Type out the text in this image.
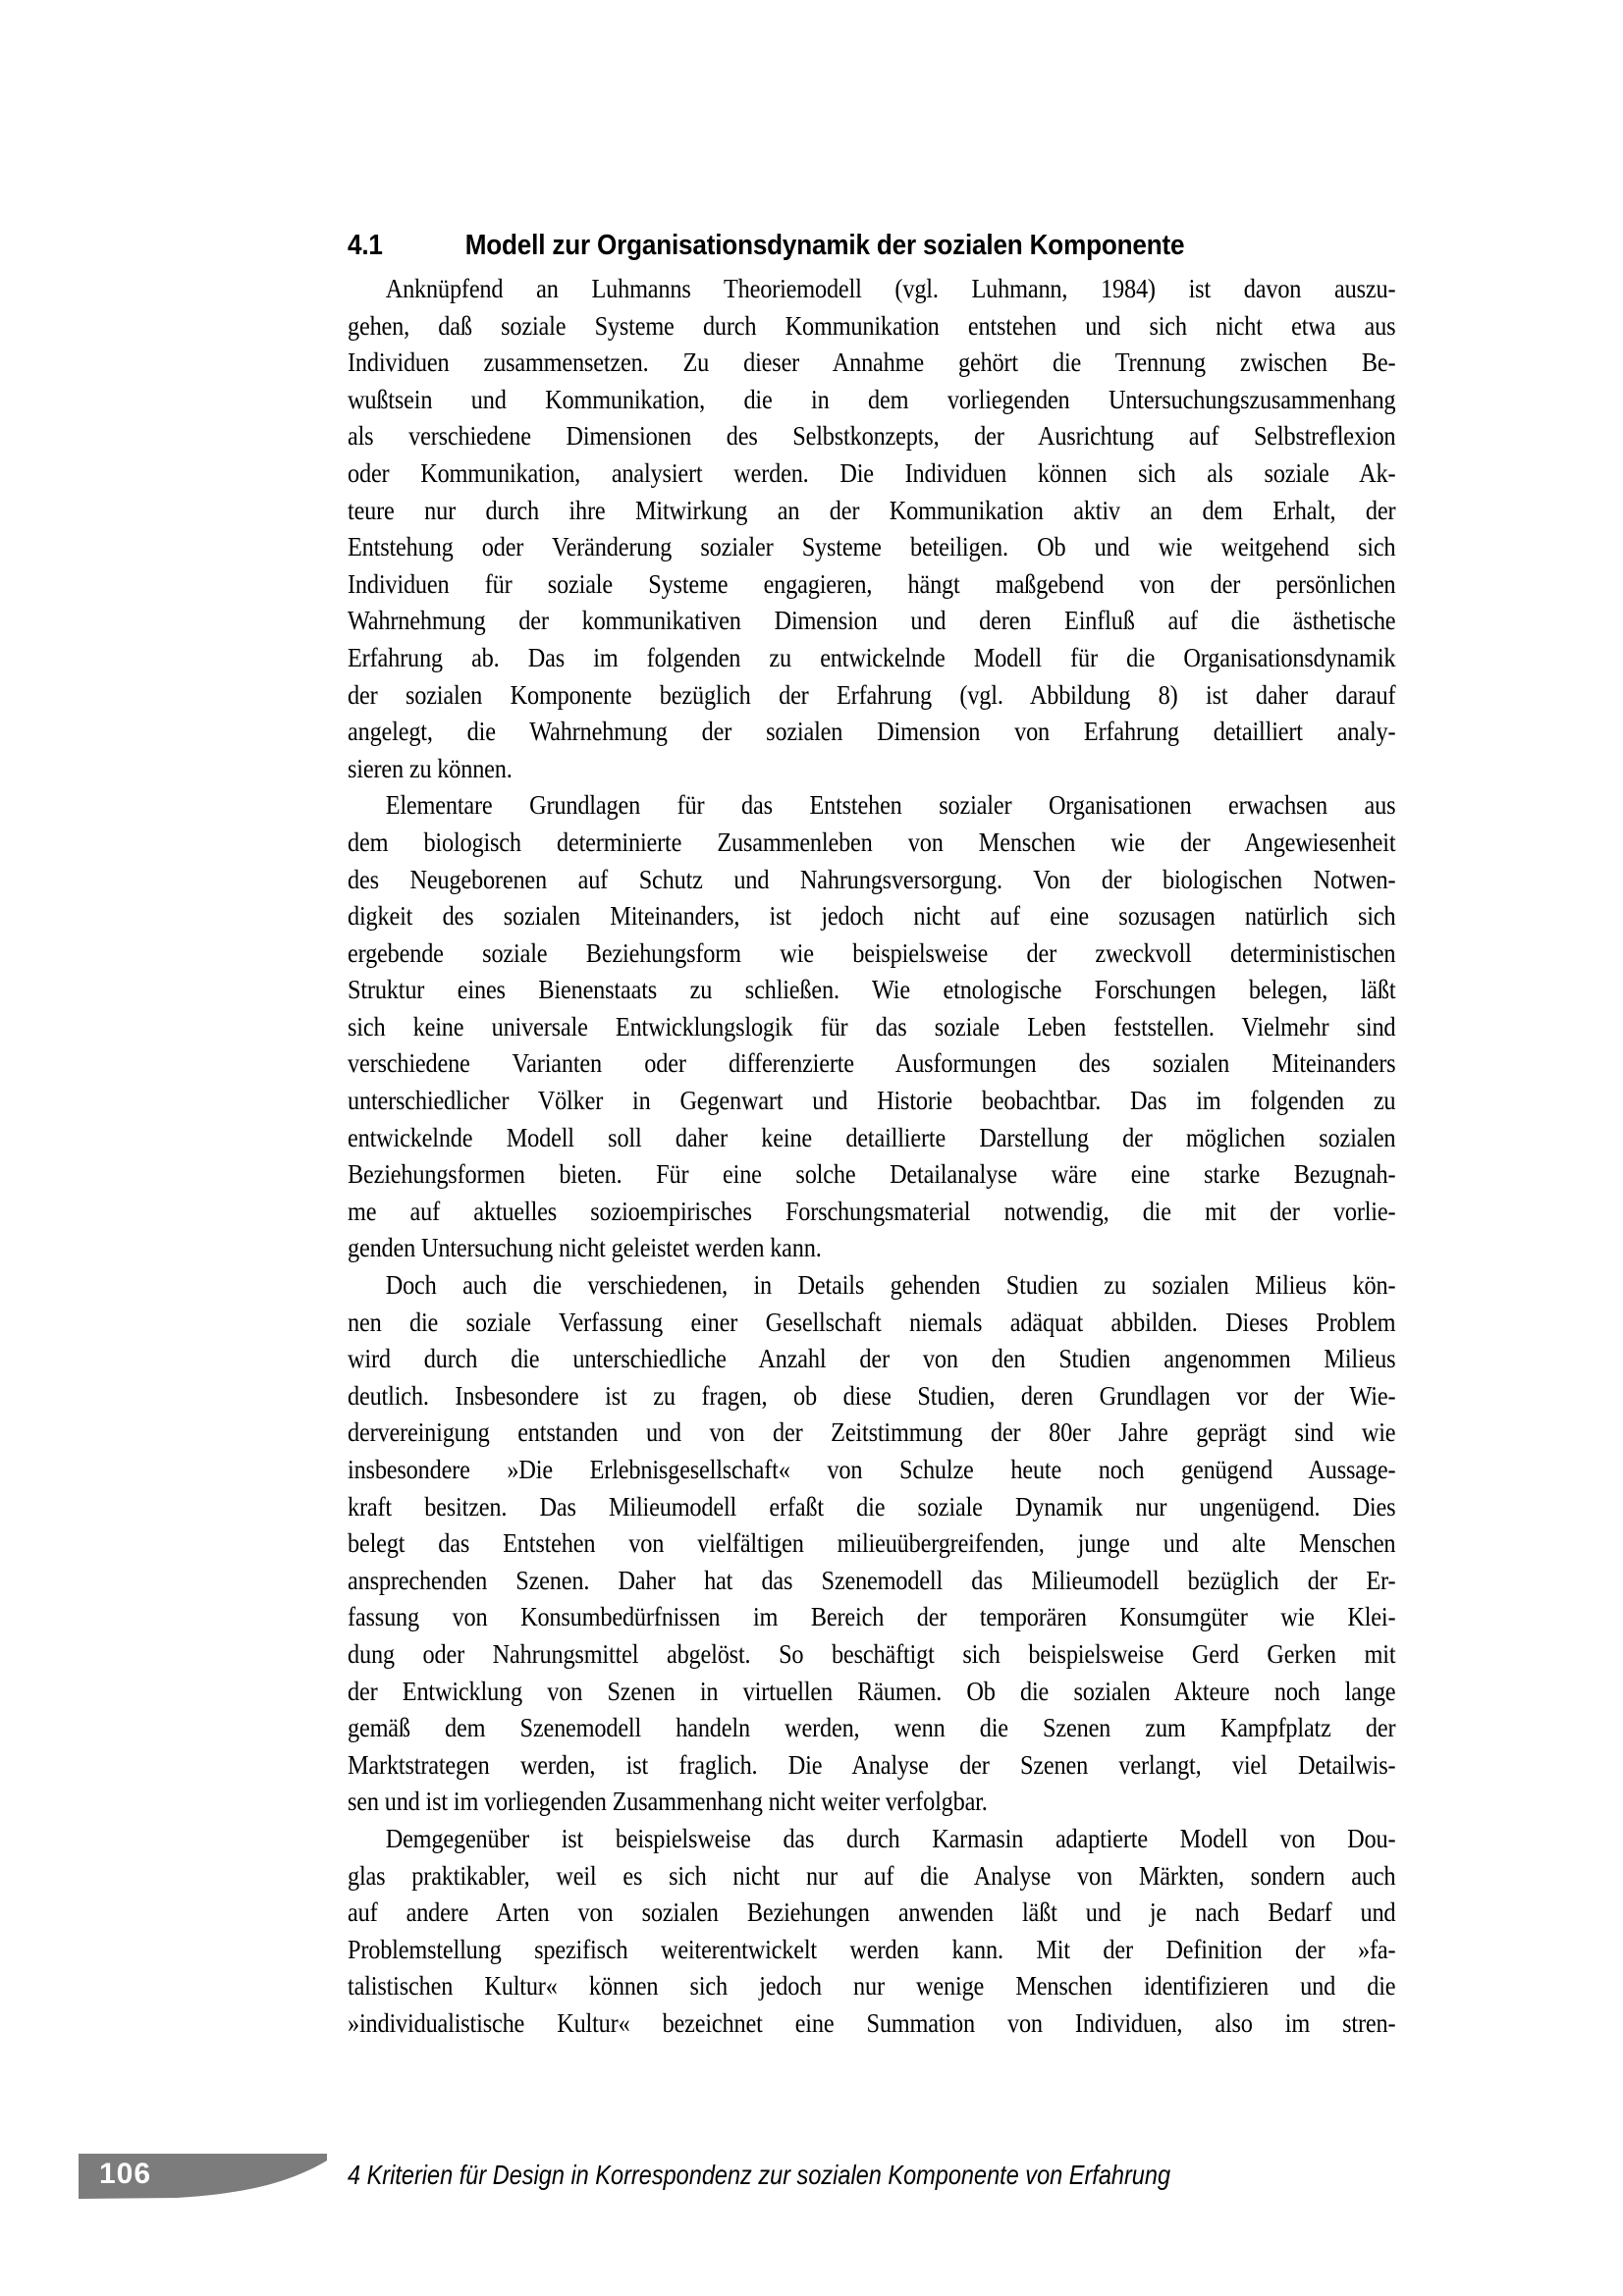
4.1	Modell zur Organisationsdynamik der sozialen Komponente
Anknüpfend an Luhmanns Theoriemodell (vgl. Luhmann, 1984) ist davon auszu-
gehen, daß soziale Systeme durch Kommunikation entstehen und sich nicht etwa aus
Individuen zusammensetzen. Zu dieser Annahme gehört die Trennung zwischen Be-
wußtsein und Kommunikation, die in dem vorliegenden Untersuchungszusammenhang
als verschiedene Dimensionen des Selbstkonzepts, der Ausrichtung auf Selbstreflexion
oder Kommunikation, analysiert werden. Die Individuen können sich als soziale Ak-
teure nur durch ihre Mitwirkung an der Kommunikation aktiv an dem Erhalt, der
Entstehung oder Veränderung sozialer Systeme beteiligen. Ob und wie weitgehend sich
Individuen für soziale Systeme engagieren, hängt maßgebend von der persönlichen
Wahrnehmung der kommunikativen Dimension und deren Einfluß auf die ästhetische
Erfahrung ab. Das im folgenden zu entwickelnde Modell für die Organisationsdynamik
der sozialen Komponente bezüglich der Erfahrung (vgl. Abbildung 8) ist daher darauf
angelegt, die Wahrnehmung der sozialen Dimension von Erfahrung detailliert analy-
sieren zu können.
Elementare Grundlagen für das Entstehen sozialer Organisationen erwachsen aus
dem biologisch determinierte Zusammenleben von Menschen wie der Angewiesenheit
des Neugeborenen auf Schutz und Nahrungsversorgung. Von der biologischen Notwen-
digkeit des sozialen Miteinanders, ist jedoch nicht auf eine sozusagen natürlich sich
ergebende soziale Beziehungsform wie beispielsweise der zweckvoll deterministischen
Struktur eines Bienenstaats zu schließen. Wie etnologische Forschungen belegen, läßt
sich keine universale Entwicklungslogik für das soziale Leben feststellen. Vielmehr sind
verschiedene Varianten oder differenzierte Ausformungen des sozialen Miteinanders
unterschiedlicher Völker in Gegenwart und Historie beobachtbar. Das im folgenden zu
entwickelnde Modell soll daher keine detaillierte Darstellung der möglichen sozialen
Beziehungsformen bieten. Für eine solche Detailanalyse wäre eine starke Bezugnah-
me auf aktuelles sozioempirisches Forschungsmaterial notwendig, die mit der vorlie-
genden Untersuchung nicht geleistet werden kann.
Doch auch die verschiedenen, in Details gehenden Studien zu sozialen Milieus kön-
nen die soziale Verfassung einer Gesellschaft niemals adäquat abbilden. Dieses Problem
wird durch die unterschiedliche Anzahl der von den Studien angenommen Milieus
deutlich. Insbesondere ist zu fragen, ob diese Studien, deren Grundlagen vor der Wie-
dervereinigung entstanden und von der Zeitstimmung der 80er Jahre geprägt sind wie
insbesondere »Die Erlebnisgesellschaft« von Schulze heute noch genügend Aussage-
kraft besitzen. Das Milieumodell erfaßt die soziale Dynamik nur ungenügend. Dies
belegt das Entstehen von vielfältigen milieuübergreifenden, junge und alte Menschen
ansprechenden Szenen. Daher hat das Szenemodell das Milieumodell bezüglich der Er-
fassung von Konsumbedürfnissen im Bereich der temporären Konsumgüter wie Klei-
dung oder Nahrungsmittel abgelöst. So beschäftigt sich beispielsweise Gerd Gerken mit
der Entwicklung von Szenen in virtuellen Räumen. Ob die sozialen Akteure noch lange
gemäß dem Szenemodell handeln werden, wenn die Szenen zum Kampfplatz der
Marktstrategen werden, ist fraglich. Die Analyse der Szenen verlangt, viel Detailwis-
sen und ist im vorliegenden Zusammenhang nicht weiter verfolgbar.
Demgegenüber ist beispielsweise das durch Karmasin adaptierte Modell von Dou-
glas praktikabler, weil es sich nicht nur auf die Analyse von Märkten, sondern auch
auf andere Arten von sozialen Beziehungen anwenden läßt und je nach Bedarf und
Problemstellung spezifisch weiterentwickelt werden kann. Mit der Definition der »fa-
talistischen Kultur« können sich jedoch nur wenige Menschen identifizieren und die
»individualistische Kultur« bezeichnet eine Summation von Individuen, also im stren-
106	4 Kriterien für Design in Korrespondenz zur sozialen Komponente von Erfahrung
